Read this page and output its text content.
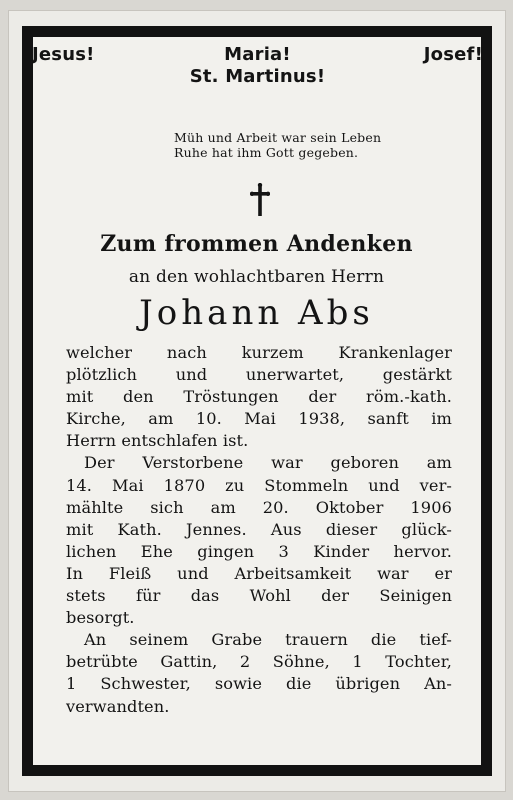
Jesus!	Maria!
St. Martinus!
Josef!
Müh und Arbeit war sein Leben
Ruhe hat ihm Gott gegeben.
Zum frommen Andenken
an den wohlachtbaren Herrn
Johann Abs
welcher nach kurzem Krankenlager
plötzlich und unerwartet, gestärkt
mit den Tröstungen der röm.-kath.
Kirche, am 10. Mai 1938, sanft im
Herrn entschlafen ist.
Der Verstorbene war geboren am
14. Mai 1870 zu Stommeln und ver-
mählte sich am 20. Oktober 1906
mit Kath. Jennes. Aus dieser glück-
lichen Ehe gingen 3 Kinder hervor.
In Fleiß und Arbeitsamkeit war er
stets für das Wohl der Seinigen
besorgt.
An seinem Grabe trauern die tief-
betrübte Gattin, 2 Söhne, 1 Tochter,
1 Schwester, sowie die übrigen An-
verwandten.
